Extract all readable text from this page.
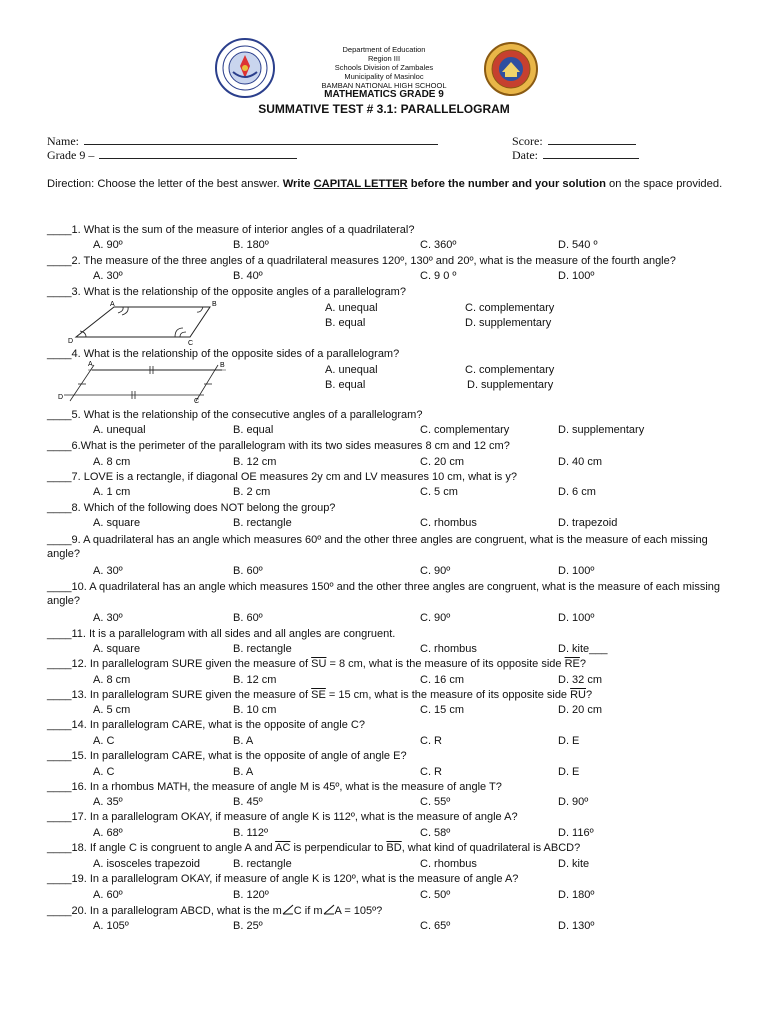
Department of Education
Region III
Schools Division of Zambales
Municipality of Masinloc
BAMBAN NATIONAL HIGH SCHOOL
MATHEMATICS GRADE 9
SUMMATIVE TEST # 3.1: PARALLELOGRAM
Name:
Grade 9 –
Score:
Date:
Direction: Choose the letter of the best answer. Write CAPITAL LETTER before the number and your solution on the space provided.
____1. What is the sum of the measure of interior angles of a quadrilateral?
A. 90º	B. 180º	C. 360º	D. 540 º
____2. The measure of the three angles of a quadrilateral measures 120º, 130º and 20º, what is the measure of the fourth angle?
A. 30º	B. 40º	C. 9 0 º	D. 100º
____3. What is the relationship of the opposite angles of a parallelogram?
A	B
C
D
A. unequal	C. complementary
B. equal	D. supplementary
____4. What is the relationship of the opposite sides of a parallelogram?
A	B
C
D
A. unequal	C. complementary
B. equal	D. supplementary
____5. What is the relationship of the consecutive angles of a parallelogram?
A. unequal	B. equal	C. complementary	D. supplementary
____6.What is the perimeter of the parallelogram with its two sides measures 8 cm and 12 cm?
A. 8 cm	B. 12 cm	C. 20 cm	D. 40 cm
____7. LOVE is a rectangle, if diagonal OE measures 2y cm and LV measures 10 cm, what is y?
A. 1 cm	B. 2 cm	C. 5 cm	D. 6 cm
____8. Which of the following does NOT belong the group?
A. square	B. rectangle	C. rhombus	D. trapezoid
____9. A quadrilateral has an angle which measures 60º and the other three angles are congruent, what is the measure of each missing angle?
A. 30º	B. 60º	C. 90º	D. 100º
____10. A quadrilateral has an angle which measures 150º and the other three angles are congruent, what is the measure of each missing angle?
A. 30º	B. 60º	C. 90º	D. 100º
____11. It is a parallelogram with all sides and all angles are congruent.
A. square	B. rectangle	C. rhombus	D. kite___
____12. In parallelogram SURE given the measure of $\overline{SU} = 8$ cm, what is the measure of its opposite side $\overline{RE}$?
A. 8 cm	B. 12 cm	C. 16 cm	D. 32 cm
____13. In parallelogram SURE given the measure of $\overline{SE} = 15$ cm, what is the measure of its opposite side $\overline{RU}$?
A. 5 cm	B. 10 cm	C. 15 cm	D. 20 cm
____14. In parallelogram CARE, what is the opposite of angle C?
A. C	B. A	C. R	D. E
____15. In parallelogram CARE, what is the opposite of angle of angle E?
A. C	B. A	C. R	D. E
____16. In a rhombus MATH, the measure of angle M is 45º, what is the measure of angle T?
A. 35º	B. 45º	C. 55º	D. 90º
____17. In a parallelogram OKAY, if measure of angle K is 112º, what is the measure of angle A?
A. 68º	B. 112º	C. 58º	D. 116º
____18. If angle C is congruent to angle A and $\overline{AC}$ is perpendicular to $\overline{BD}$, what kind of quadrilateral is ABCD?
A. isosceles trapezoid	B. rectangle	C. rhombus	D. kite
____19. In a parallelogram OKAY, if measure of angle K is 120º, what is the measure of angle A?
A. 60º	B. 120º	C. 50º	D. 180º
____20. In a parallelogram ABCD, what is the m C if m A = 105º?
A. 105º	B. 25º	C. 65º	D. 130º
